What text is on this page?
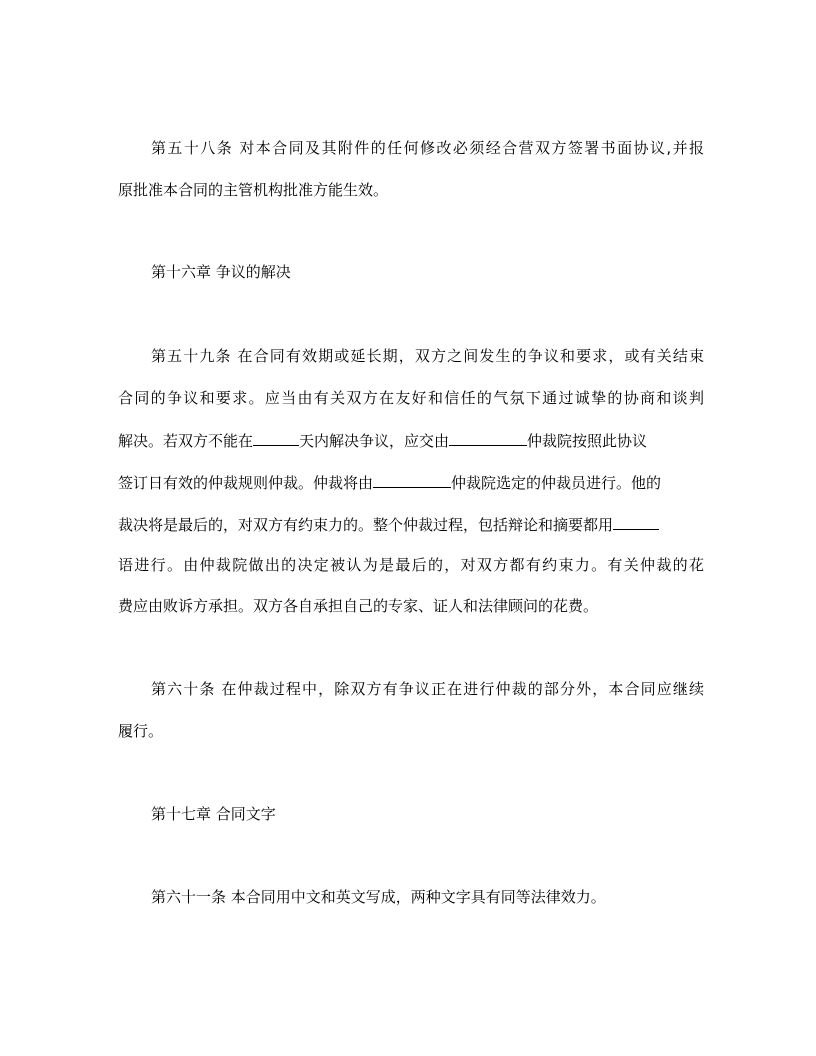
第五十八条 对本合同及其附件的任何修改必须经合营双方签署书面协议,并报
原批准本合同的主管机构批准方能生效。
第十六章 争议的解决
第五十九条 在合同有效期或延长期，双方之间发生的争议和要求，或有关结束
合同的争议和要求。应当由有关双方在友好和信任的气氛下通过诚挚的协商和谈判
解决。若双方不能在	天内解决争议，应交由	仲裁院按照此协议
签订日有效的仲裁规则仲裁。仲裁将由	仲裁院选定的仲裁员进行。他的
裁决将是最后的，对双方有约束力的。整个仲裁过程，包括辩论和摘要都用
语进行。由仲裁院做出的决定被认为是最后的，对双方都有约束力。有关仲裁的花
费应由败诉方承担。双方各自承担自己的专家、证人和法律顾问的花费。
第六十条 在仲裁过程中，除双方有争议正在进行仲裁的部分外，本合同应继续
履行。
第十七章 合同文字
第六十一条 本合同用中文和英文写成，两种文字具有同等法律效力。
